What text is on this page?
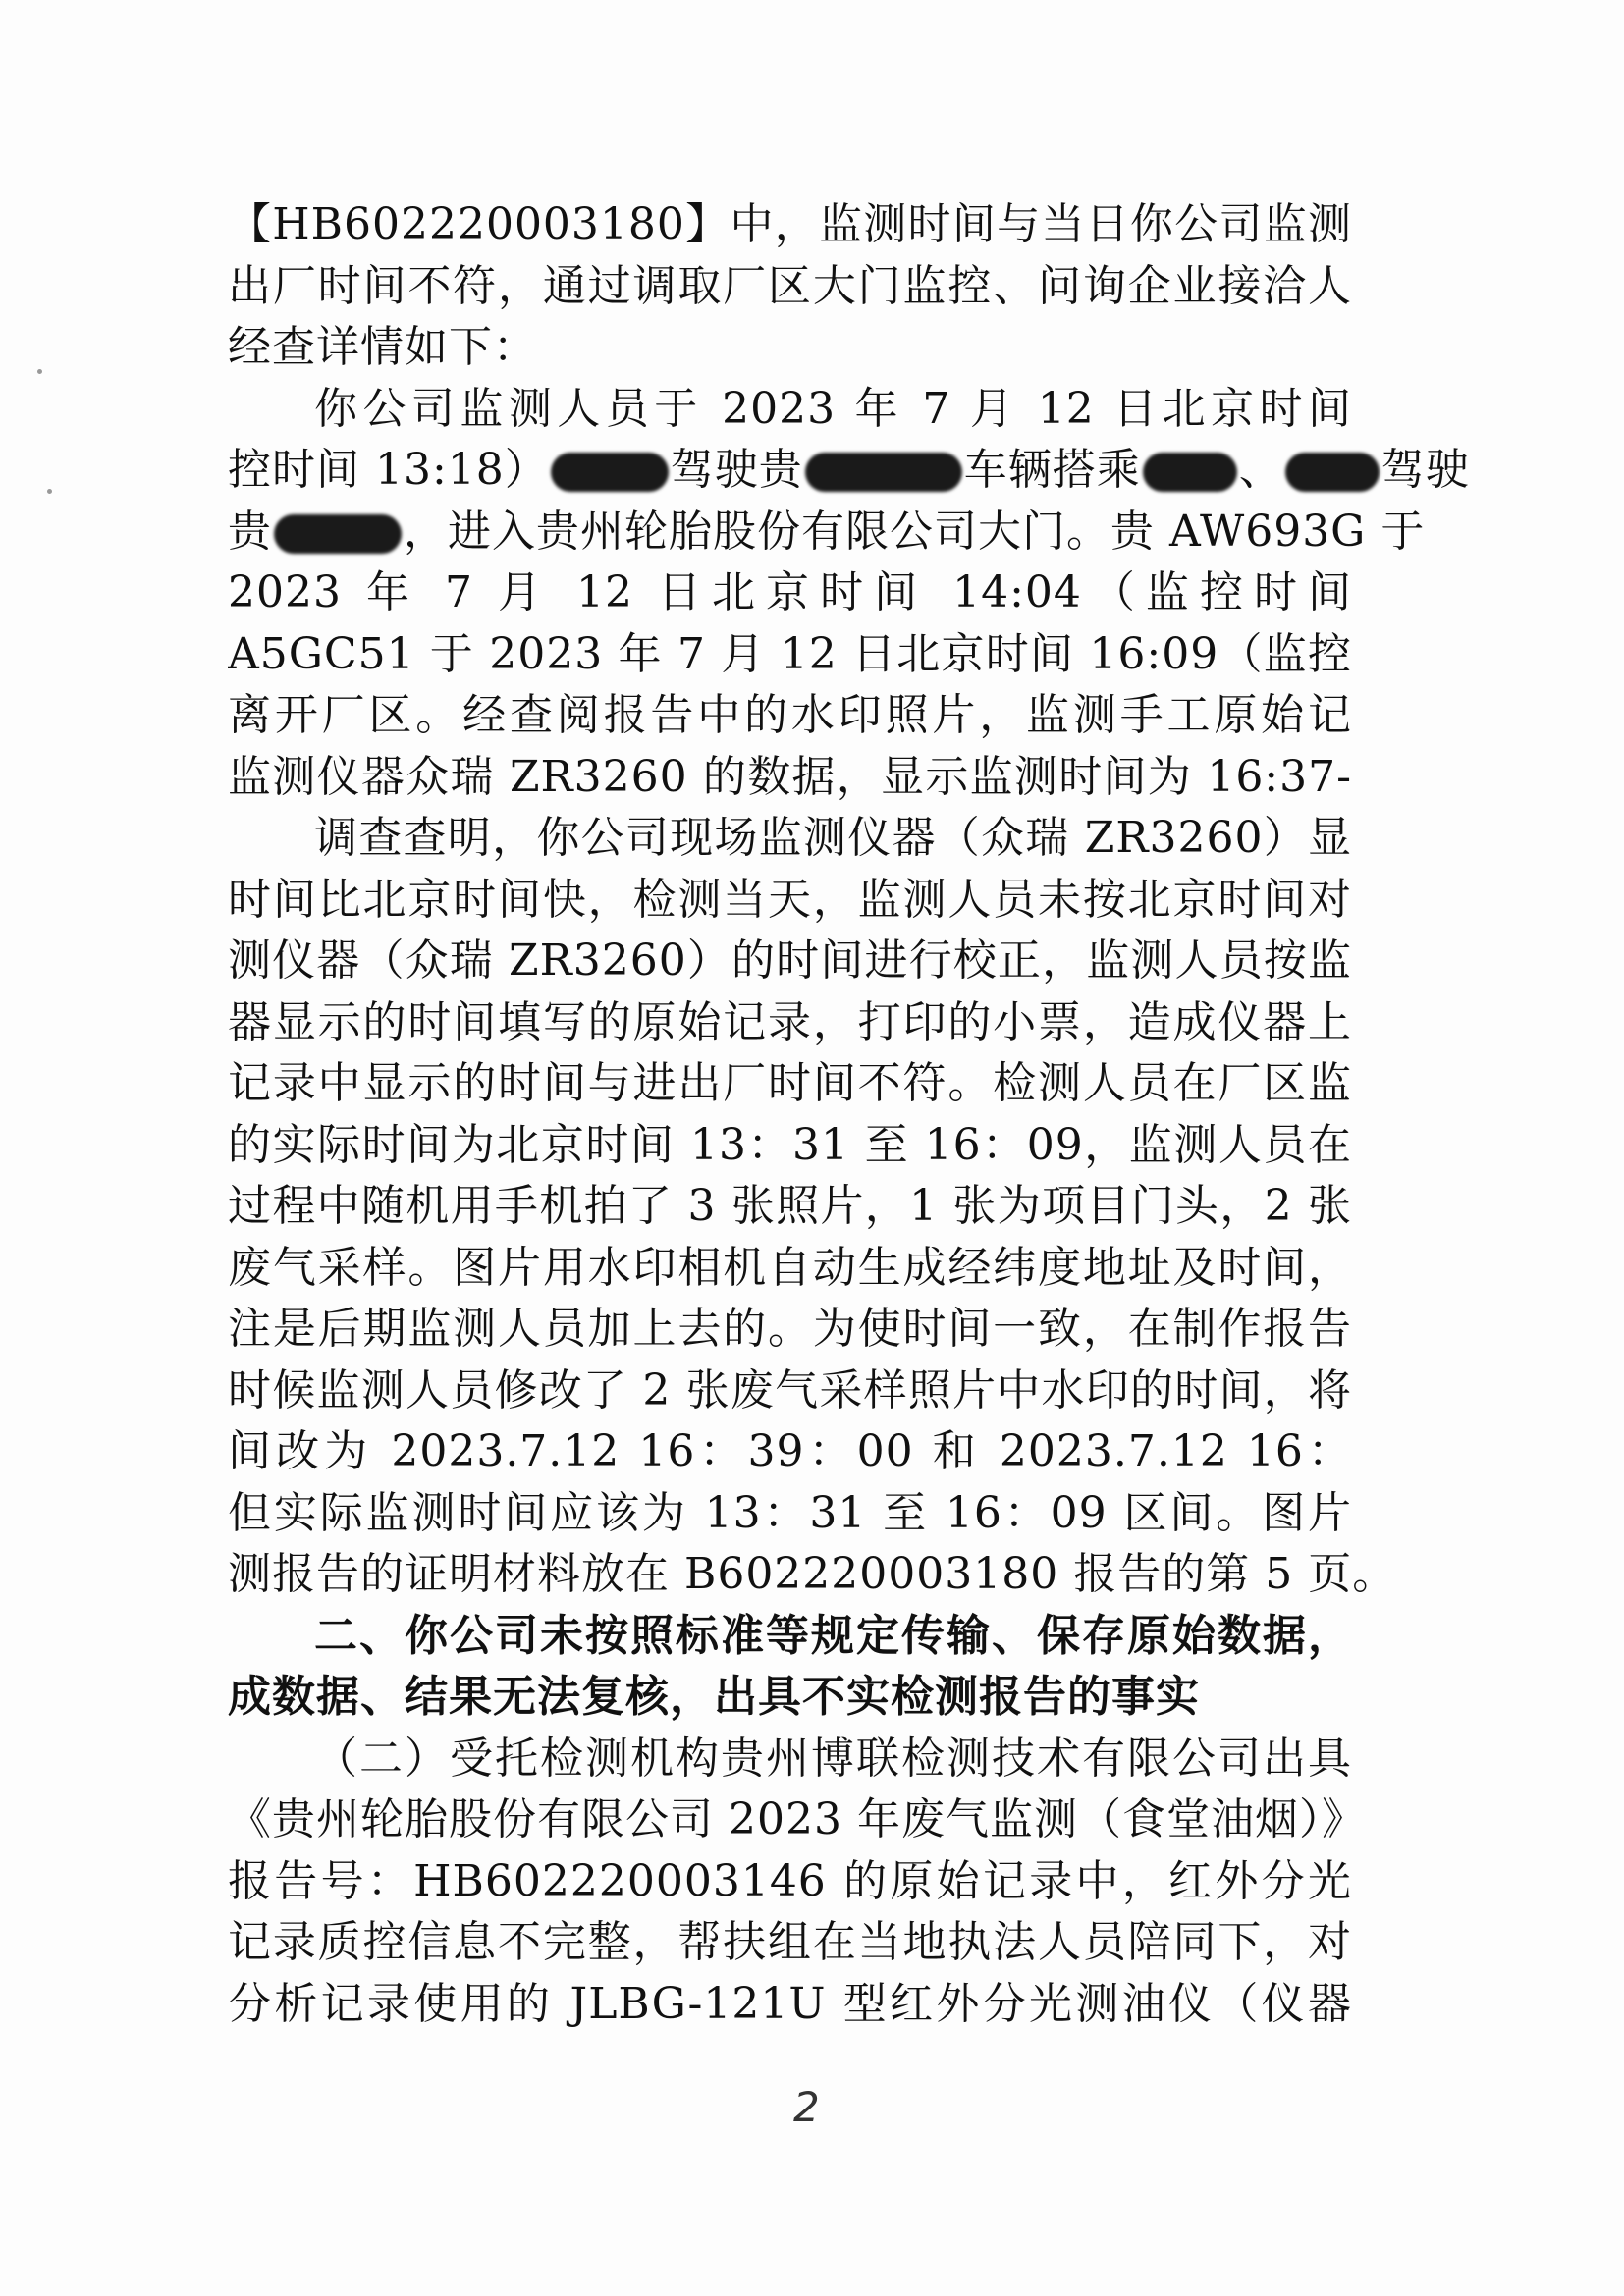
【HB602220003180】中，监测时间与当日你公司监测
出厂时间不符，通过调取厂区大门监控、问询企业接洽人
经查详情如下：
你公司监测人员于 2023 年 7 月 12 日北京时间
控时间 13:18）	驾驶贵	车辆搭乘 、 驾驶
贵	，进入贵州轮胎股份有限公司大门。贵 AW693G 于
2023 年 7 月 12 日北京时间 14:04（监控时间
A5GC51 于 2023 年 7 月 12 日北京时间 16:09（监控
离开厂区。经查阅报告中的水印照片，监测手工原始记
监测仪器众瑞 ZR3260 的数据，显示监测时间为 16:37-
调查查明，你公司现场监测仪器（众瑞 ZR3260）显
时间比北京时间快，检测当天，监测人员未按北京时间对
测仪器（众瑞 ZR3260）的时间进行校正，监测人员按监
器显示的时间填写的原始记录，打印的小票，造成仪器上
记录中显示的时间与进出厂时间不符。检测人员在厂区监
的实际时间为北京时间 13：31 至 16：09，监测人员在
过程中随机用手机拍了 3 张照片，1 张为项目门头，2 张
废气采样。图片用水印相机自动生成经纬度地址及时间，
注是后期监测人员加上去的。为使时间一致，在制作报告
时候监测人员修改了 2 张废气采样照片中水印的时间，将
间改为 2023.7.12 16：39：00 和 2023.7.12 16：
但实际监测时间应该为 13：31 至 16：09 区间。图片
测报告的证明材料放在 B602220003180 报告的第 5 页。
二、你公司未按照标准等规定传输、保存原始数据，
成数据、结果无法复核，出具不实检测报告的事实
（二）受托检测机构贵州博联检测技术有限公司出具
《贵州轮胎股份有限公司 2023 年废气监测（食堂油烟）》
报告号：HB602220003146 的原始记录中，红外分光
记录质控信息不完整，帮扶组在当地执法人员陪同下，对
分析记录使用的 JLBG-121U 型红外分光测油仪（仪器
2
